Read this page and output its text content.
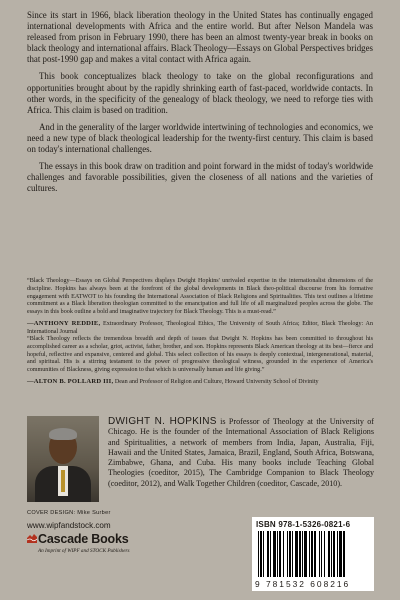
Since its start in 1966, black liberation theology in the United States has continually engaged international developments with Africa and the entire world. But after Nelson Mandela was released from prison in February 1990, there has been an almost twenty-year break in books on black theology and international affairs. Black Theology—Essays on Global Perspectives bridges that post-1990 gap and makes a vital contact with Africa again.

This book conceptualizes black theology to take on the global reconfigurations and opportunities brought about by the rapidly shrinking earth of fast-paced, worldwide contacts. In other words, in the specificity of the genealogy of black theology, we need to reforge ties with Africa. This claim is based on tradition.

And in the generality of the larger worldwide intertwining of technologies and economics, we need a new type of black theological leadership for the twenty-first century. This claim is based on today's international challenges.

The essays in this book draw on tradition and point forward in the midst of today's worldwide challenges and favorable possibilities, given the closeness of all nations and the varieties of cultures.

“Black Theology—Essays on Global Perspectives displays Dwight Hopkins' unrivaled expertise in the internationalist dimensions of the discipline. Hopkins has always been at the forefront of the global developments in Black theo-political discourse from his formative engagement with EATWOT to his founding the International Association of Black Religions and Spiritualities. This text outlines a lifetime commitment as a Black liberation theologian committed to the emancipation and full life of all marginalized peoples across the globe. The essays in this book outline a bold and imaginative trajectory for Black Theology. This is a must-read.”

—ANTHONY REDDIE, Extraordinary Professor, Theological Ethics, The University of South Africa; Editor, Black Theology: An International Journal

“Black Theology reflects the tremendous breadth and depth of issues that Dwight N. Hopkins has been committed to throughout his accomplished career as a scholar, griot, activist, father, brother, and son. Hopkins represents Black American theology at its best—fierce and hopeful, reflective and expansive, centered and global. This select collection of his essays is deeply contextual, intergenerational, material, and spiritual. His is a stirring testament to the power of progressive theological witness, grounded in the experience of America's communities of Blackness, giving expression to that which is universally human and life giving.”

—ALTON B. POLLARD III, Dean and Professor of Religion and Culture, Howard University School of Divinity

DWIGHT N. HOPKINS is Professor of Theology at the University of Chicago. He is the founder of the International Association of Black Religions and Spiritualities, a network of members from India, Japan, Australia, Fiji, Hawaii and the United States, Jamaica, Brazil, England, South Africa, Botswana, Zimbabwe, Ghana, and Cuba. His many books include Teaching Global Theologies (coeditor, 2015), The Cambridge Companion to Black Theology (coeditor, 2012), and Walk Together Children (coeditor, Cascade, 2010).
COVER DESIGN: Mike Surber
www.wipfandstock.com
Cascade Books
An Imprint of WIPF and STOCK Publishers
ISBN 978-1-5326-0821-6
9 781532 608216
